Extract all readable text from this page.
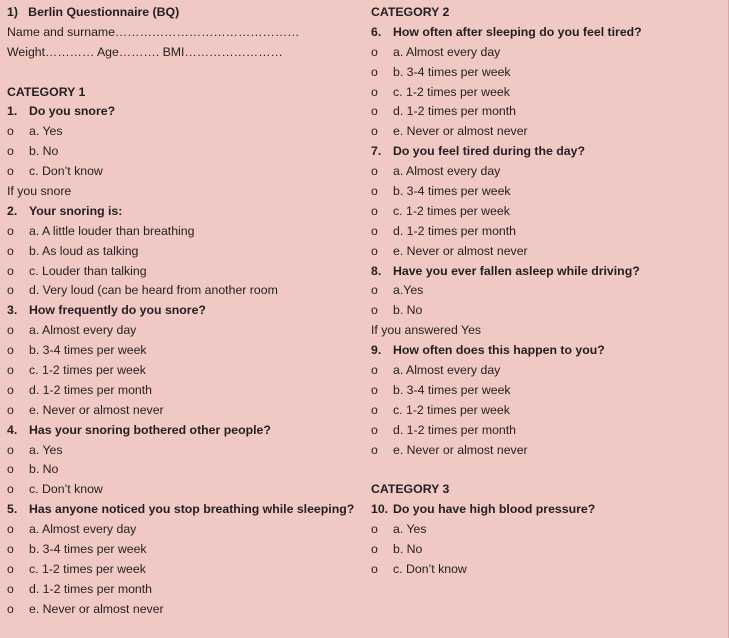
1)   Berlin Questionnaire (BQ)
Name and surname………………………………………
Weight………… Age………. BMI……………………
CATEGORY 1
1. Do you snore?
o	a. Yes
o	b. No
o	c. Don’t know
If you snore
2. Your snoring is:
o	a. A little louder than breathing
o	b. As loud as talking
o	c. Louder than talking
o	d. Very loud (can be heard from another room
3. How frequently do you snore?
o	a. Almost every day
o	b. 3-4 times per week
o	c. 1-2 times per week
o	d. 1-2 times per month
o	e. Never or almost never
4. Has your snoring bothered other people?
o	a. Yes
o	b. No
o	c. Don’t know
5. Has anyone noticed you stop breathing while sleeping?
o	a. Almost every day
o	b. 3-4 times per week
o	c. 1-2 times per week
o	d. 1-2 times per month
o	e. Never or almost never
CATEGORY 2
6. How often after sleeping do you feel tired?
o	a. Almost every day
o	b. 3-4 times per week
o	c. 1-2 times per week
o	d. 1-2 times per month
o	e. Never or almost never
7. Do you feel tired during the day?
o	a. Almost every day
o	b. 3-4 times per week
o	c. 1-2 times per week
o	d. 1-2 times per month
o	e. Never or almost never
8. Have you ever fallen asleep while driving?
o	a.Yes
o	b. No
If you answered Yes
9. How often does this happen to you?
o	a. Almost every day
o	b. 3-4 times per week
o	c. 1-2 times per week
o	d. 1-2 times per month
o	e. Never or almost never
CATEGORY 3
10. Do you have high blood pressure?
o	a. Yes
o	b. No
o	c. Don’t know
